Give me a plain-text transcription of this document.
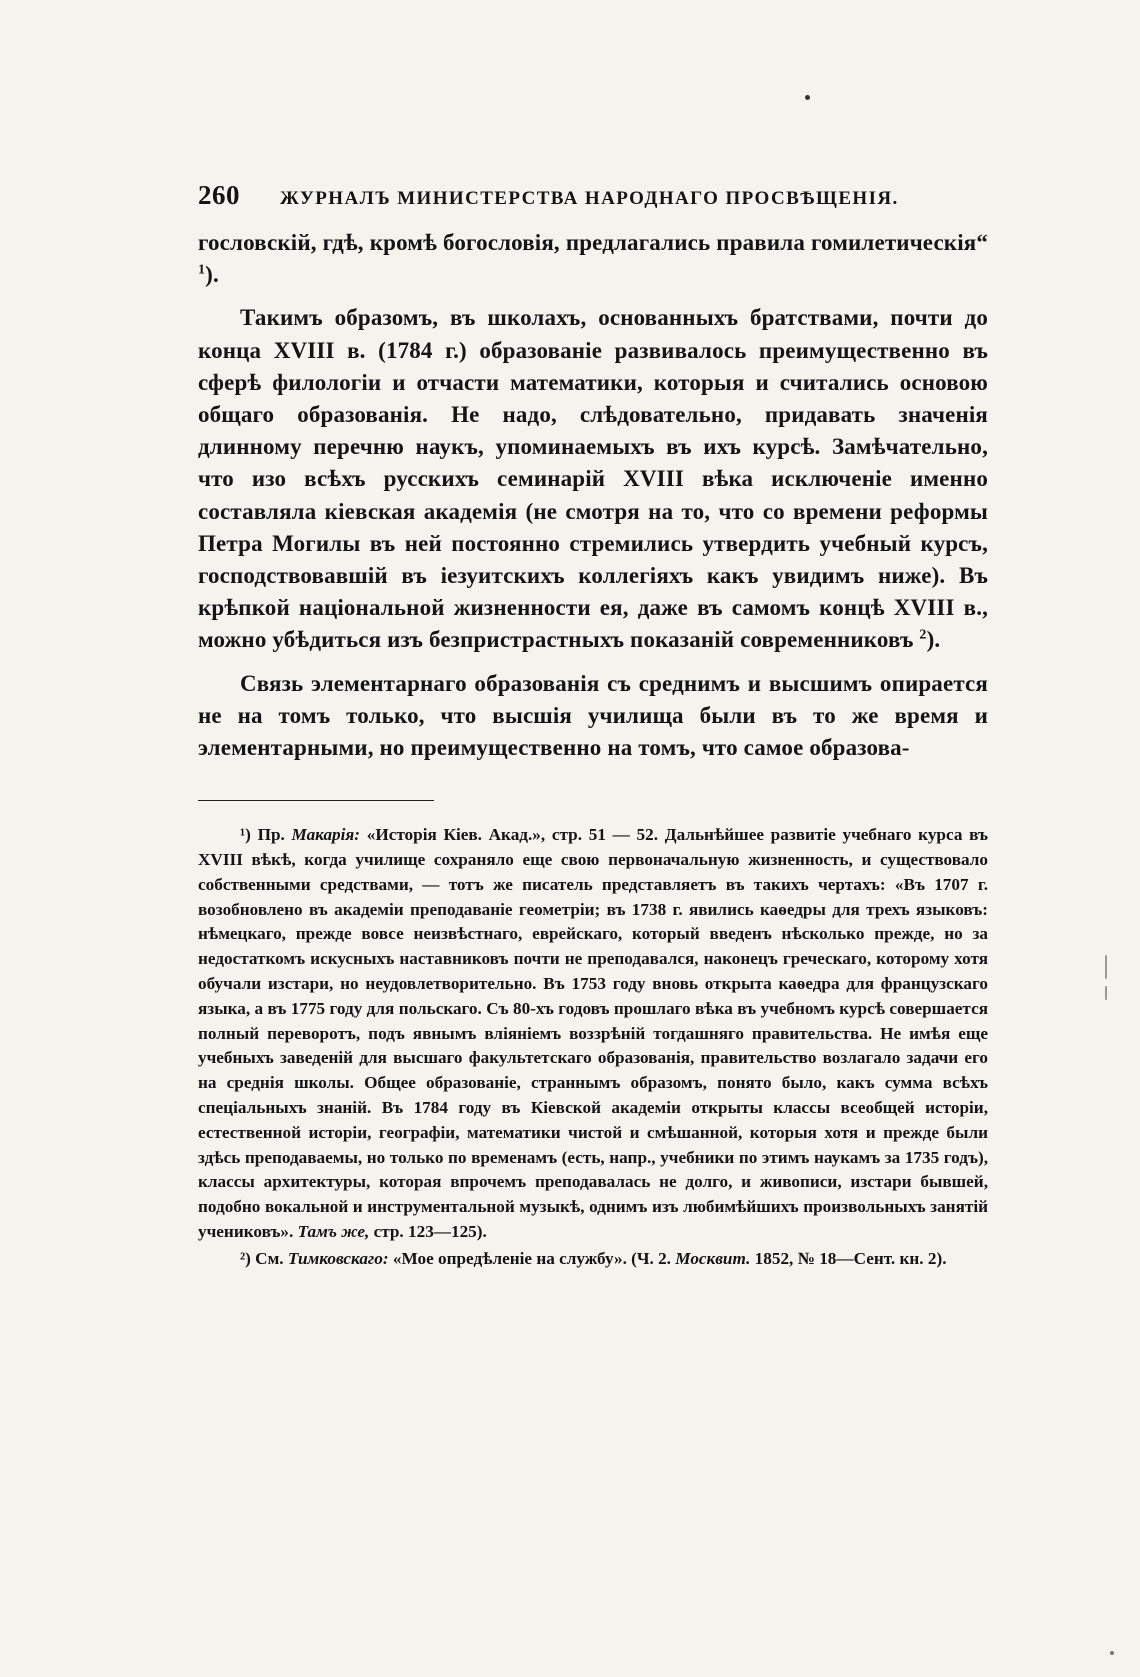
260	ЖУРНАЛЪ МИНИСТЕРСТВА НАРОДНАГО ПРОСВѢЩЕНІЯ.

гословскій, гдѣ, кромѣ богословія, предлагались правила гомилетическія“ $^1$).

Такимъ образомъ, въ школахъ, основанныхъ братствами, почти до конца XVIII в. (1784 г.) образованіе развивалось преимущественно въ сферѣ филологіи и отчасти математики, которыя и считались основою общаго образованія. Не надо, слѣдовательно, придавать значенія длинному перечню наукъ, упоминаемыхъ въ ихъ курсѣ. Замѣчательно, что изо всѣхъ русскихъ семинарій XVIII вѣка исключеніе именно составляла кіевская академія (не смотря на то, что со времени реформы Петра Могилы въ ней постоянно стремились утвердить учебный курсъ, господствовавшій въ іезуитскихъ коллегіяхъ какъ увидимъ ниже). Въ крѣпкой національной жизненности ея, даже въ самомъ концѣ XVIII в., можно убѣдиться изъ безпристрастныхъ показаній современниковъ $^2$).

Связь элементарнаго образованія съ среднимъ и высшимъ опирается не на томъ только, что высшія училища были въ то же время и элементарными, но преимущественно на томъ, что самое образова-

¹) Пр. Макарія: «Исторія Кіев. Акад.», стр. 51 — 52. Дальнѣйшее развитіе учебнаго курса въ XVIII вѣкѣ, когда училище сохраняло еще свою первоначальную жизненность, и существовало собственными средствами, — тотъ же писатель представляетъ въ такихъ чертахъ: «Въ 1707 г. возобновлено въ академіи преподаваніе геометріи; въ 1738 г. явились каѳедры для трехъ языковъ: нѣмецкаго, прежде вовсе неизвѣстнаго, еврейскаго, который введенъ нѣсколько прежде, но за недостаткомъ искусныхъ наставниковъ почти не преподавался, наконецъ греческаго, которому хотя обучали изстари, но неудовлетворительно. Въ 1753 году вновь открыта каѳедра для французскаго языка, а въ 1775 году для польскаго. Съ 80-хъ годовъ прошлаго вѣка въ учебномъ курсѣ совершается полный переворотъ, подъ явнымъ вліяніемъ воззрѣній тогдашняго правительства. Не имѣя еще учебныхъ заведеній для высшаго факультетскаго образованія, правительство возлагало задачи его на среднія школы. Общее образованіе, страннымъ образомъ, понято было, какъ сумма всѣхъ спеціальныхъ знаній. Въ 1784 году въ Кіевской академіи открыты классы всеобщей исторіи, естественной исторіи, географіи, математики чистой и смѣшанной, которыя хотя и прежде были здѣсь преподаваемы, но только по временамъ (есть, напр., учебники по этимъ наукамъ за 1735 годъ), классы архитектуры, которая впрочемъ преподавалась не долго, и живописи, изстари бывшей, подобно вокальной и инструментальной музыкѣ, однимъ изъ любимѣйшихъ произвольныхъ занятій учениковъ». Тамъ же, стр. 123—125).

²) См. Тимковскаго: «Мое опредѣленіе на службу». (Ч. 2. Москвит. 1852, № 18—Сент. кн. 2).
